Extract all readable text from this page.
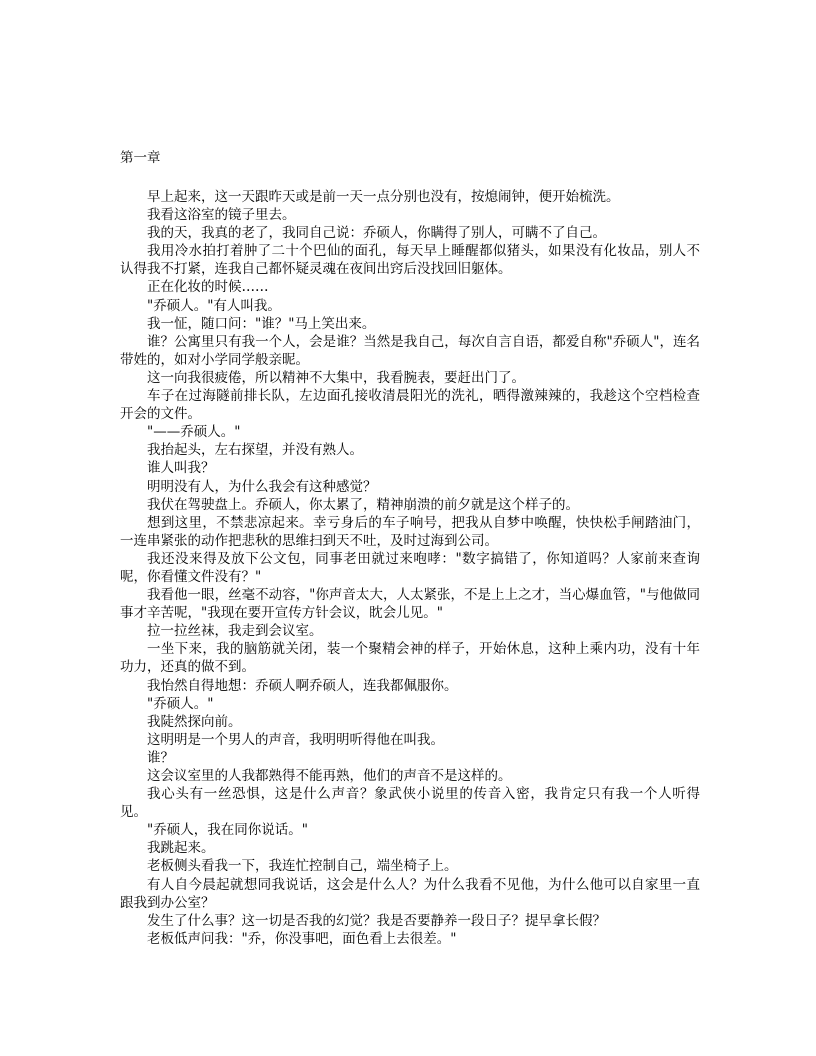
第一章

早上起来，这一天跟昨天或是前一天一点分别也没有，按熄闹钟，便开始梳洗。

我看这浴室的镜子里去。

我的天，我真的老了，我同自己说：乔硕人，你瞒得了别人，可瞒不了自己。

我用冷水拍打着肿了二十个巴仙的面孔，每天早上睡醒都似猪头，如果没有化妆品，别人不认得我不打紧，连我自己都怀疑灵魂在夜间出窍后没找回旧躯体。

正在化妆的时候……

"乔硕人。"有人叫我。

我一怔，随口问："谁？"马上笑出来。

谁？公寓里只有我一个人，会是谁？当然是我自己，每次自言自语，都爱自称"乔硕人"，连名带姓的，如对小学同学般亲昵。

这一向我很疲倦，所以精神不大集中，我看腕表，要赶出门了。

车子在过海隧前排长队，左边面孔接收清晨阳光的洗礼，晒得激辣辣的，我趁这个空档检查开会的文件。

"——乔硕人。"

我抬起头，左右探望，并没有熟人。

谁人叫我？

明明没有人，为什么我会有这种感觉？

我伏在驾驶盘上。乔硕人，你太累了，精神崩溃的前夕就是这个样子的。

想到这里，不禁悲凉起来。幸亏身后的车子响号，把我从自梦中唤醒，快快松手闸踏油门，一连串紧张的动作把悲秋的思维扫到天不吐，及时过海到公司。

我还没来得及放下公文包，同事老田就过来咆哮："数字搞错了，你知道吗？人家前来查询呢，你看懂文件没有？"

我看他一眼，丝毫不动容，"你声音太大，人太紧张，不是上上之才，当心爆血管，"与他做同事才辛苦呢，"我现在要开宣传方针会议，眈会儿见。"

拉一拉丝袜，我走到会议室。

一坐下来，我的脑筋就关闭，装一个聚精会神的样子，开始休息，这种上乘内功，没有十年功力，还真的做不到。

我怡然自得地想：乔硕人啊乔硕人，连我都佩服你。

"乔硕人。"

我陡然探向前。

这明明是一个男人的声音，我明明听得他在叫我。

谁？

这会议室里的人我都熟得不能再熟，他们的声音不是这样的。

我心头有一丝恐惧，这是什么声音？象武侠小说里的传音入密，我肯定只有我一个人听得见。

"乔硕人，我在同你说话。"

我跳起来。

老板侧头看我一下，我连忙控制自己，端坐椅子上。

有人自今晨起就想同我说话，这会是什么人？为什么我看不见他，为什么他可以自家里一直跟我到办公室？

发生了什么事？这一切是否我的幻觉？我是否要静养一段日子？提早拿长假？

老板低声问我："乔，你没事吧，面色看上去很差。"
